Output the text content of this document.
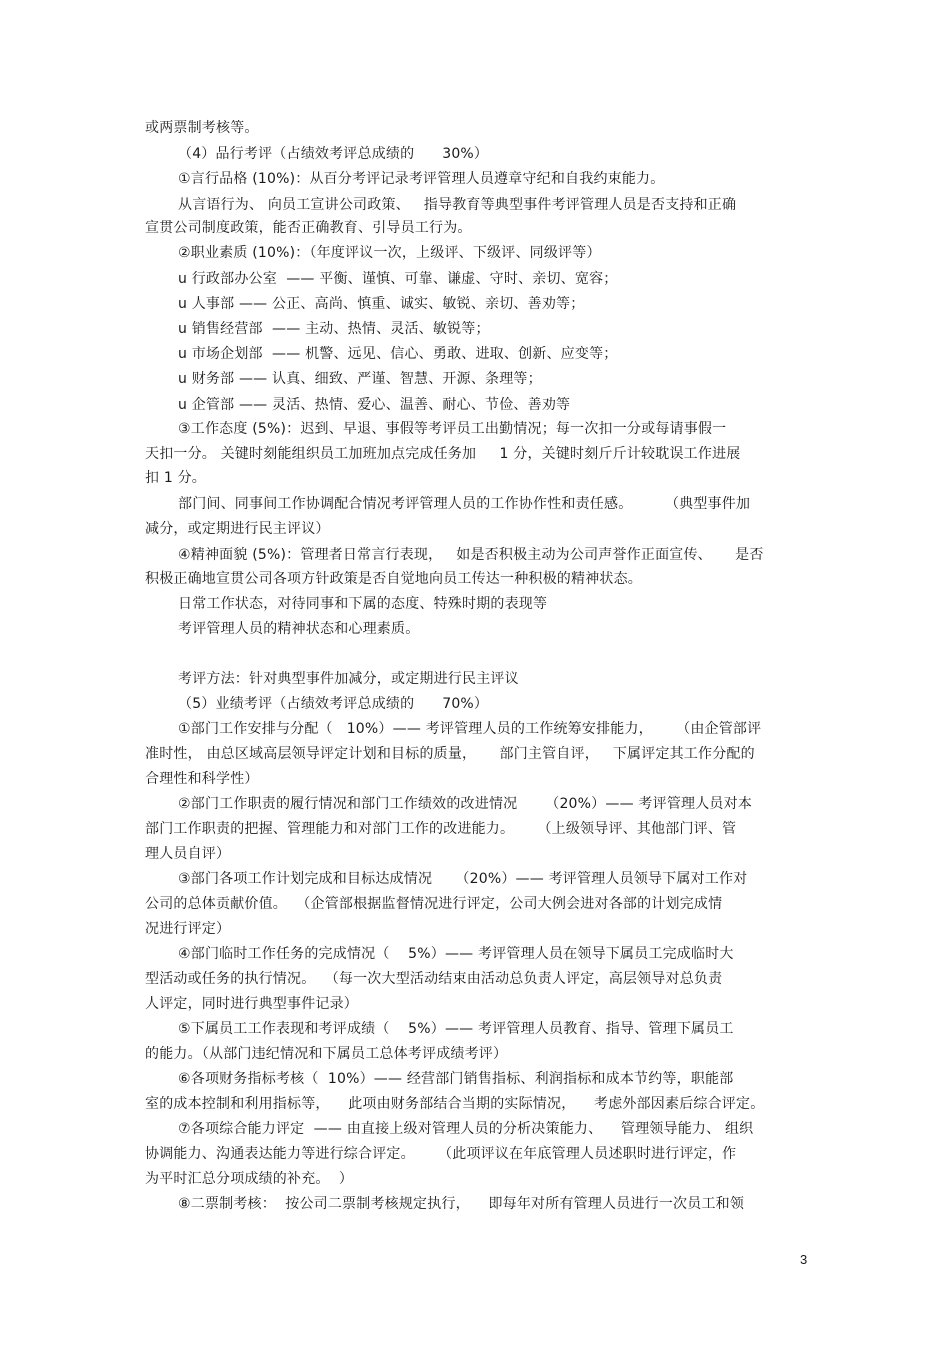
或两票制考核等。
（4）品行考评（占绩效考评总成绩的      30%）
①言行品格 (10%)：从百分考评记录考评管理人员遵章守纪和自我约束能力。
从言语行为、 向员工宣讲公司政策、   指导教育等典型事件考评管理人员是否支持和正确
宣贯公司制度政策，能否正确教育、引导员工行为。
②职业素质 (10%)：（年度评议一次，上级评、下级评、同级评等）
u 行政部办公室  —— 平衡、谨慎、可靠、谦虚、守时、亲切、宽容；
u 人事部 —— 公正、高尚、慎重、诚实、敏锐、亲切、善劝等；
u 销售经营部  —— 主动、热情、灵活、敏锐等；
u 市场企划部  —— 机警、远见、信心、勇敢、进取、创新、应变等；
u 财务部 —— 认真、细致、严谨、智慧、开源、条理等；
u 企管部 —— 灵活、热情、爱心、温善、耐心、节俭、善劝等
③工作态度 (5%)：迟到、早退、事假等考评员工出勤情况；每一次扣一分或每请事假一
天扣一分。 关键时刻能组织员工加班加点完成任务加     1 分，关键时刻斤斤计较耽误工作进展
扣 1 分。
部门间、同事间工作协调配合情况考评管理人员的工作协作性和责任感。       （典型事件加
减分，或定期进行民主评议）
④精神面貌 (5%)：管理者日常言行表现，   如是否积极主动为公司声誉作正面宣传、     是否
积极正确地宣贯公司各项方针政策是否自觉地向员工传达一种积极的精神状态。
日常工作状态，对待同事和下属的态度、特殊时期的表现等
考评管理人员的精神状态和心理素质。
考评方法：针对典型事件加减分，或定期进行民主评议
（5）业绩考评（占绩效考评总成绩的      70%）
①部门工作安排与分配（   10%）—— 考评管理人员的工作统筹安排能力，     （由企管部评
准时性， 由总区域高层领导评定计划和目标的质量，     部门主管自评，   下属评定其工作分配的
合理性和科学性）
②部门工作职责的履行情况和部门工作绩效的改进情况      （20%）—— 考评管理人员对本
部门工作职责的把握、管理能力和对部门工作的改进能力。     （上级领导评、其他部门评、管
理人员自评）
③部门各项工作计划完成和目标达成情况     （20%）—— 考评管理人员领导下属对工作对
公司的总体贡献价值。  （企管部根据监督情况进行评定，公司大例会进对各部的计划完成情
况进行评定）
④部门临时工作任务的完成情况（    5%）—— 考评管理人员在领导下属员工完成临时大
型活动或任务的执行情况。  （每一次大型活动结束由活动总负责人评定，高层领导对总负责
人评定，同时进行典型事件记录）
⑤下属员工工作表现和考评成绩（    5%）—— 考评管理人员教育、指导、管理下属员工
的能力。（从部门违纪情况和下属员工总体考评成绩考评）
⑥各项财务指标考核（  10%）—— 经营部门销售指标、利润指标和成本节约等，职能部
室的成本控制和利用指标等，    此项由财务部结合当期的实际情况，    考虑外部因素后综合评定。
⑦各项综合能力评定  —— 由直接上级对管理人员的分析决策能力、    管理领导能力、 组织
协调能力、沟通表达能力等进行综合评定。     （此项评议在年底管理人员述职时进行评定，作
为平时汇总分项成绩的补充。  ）
⑧二票制考核：  按公司二票制考核规定执行，    即每年对所有管理人员进行一次员工和领
3
